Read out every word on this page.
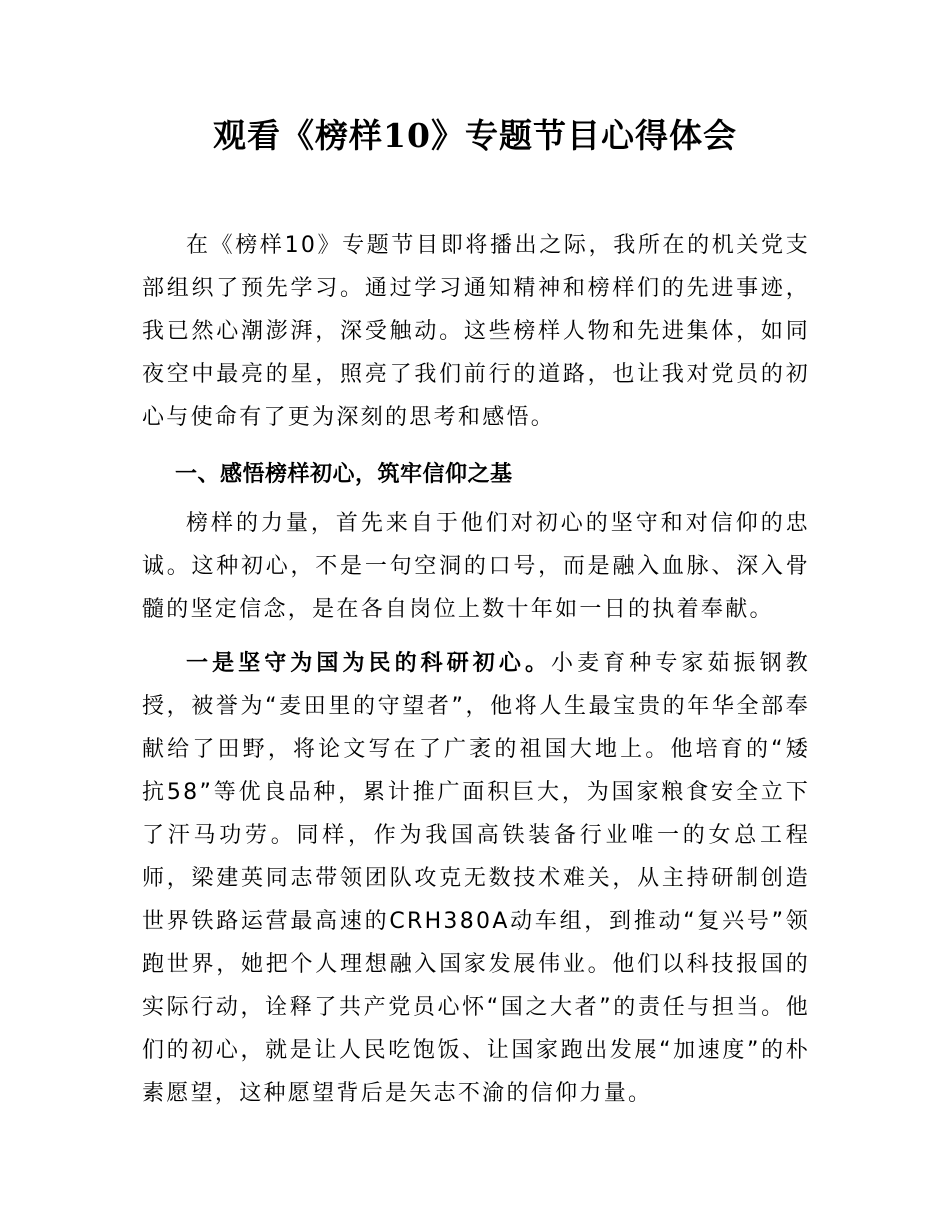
观看《榜样10》专题节目心得体会

在《榜样10》专题节目即将播出之际，我所在的机关党支部组织了预先学习。通过学习通知精神和榜样们的先进事迹，我已然心潮澎湃，深受触动。这些榜样人物和先进集体，如同夜空中最亮的星，照亮了我们前行的道路，也让我对党员的初心与使命有了更为深刻的思考和感悟。

一、感悟榜样初心，筑牢信仰之基

榜样的力量，首先来自于他们对初心的坚守和对信仰的忠诚。这种初心，不是一句空洞的口号，而是融入血脉、深入骨髓的坚定信念，是在各自岗位上数十年如一日的执着奉献。

一是坚守为国为民的科研初心。小麦育种专家茹振钢教授，被誉为“麦田里的守望者”，他将人生最宝贵的年华全部奉献给了田野，将论文写在了广袤的祖国大地上。他培育的“矮抗58”等优良品种，累计推广面积巨大，为国家粮食安全立下了汗马功劳。同样，作为我国高铁装备行业唯一的女总工程师，梁建英同志带领团队攻克无数技术难关，从主持研制创造世界铁路运营最高速的CRH380A动车组，到推动“复兴号”领跑世界，她把个人理想融入国家发展伟业。他们以科技报国的实际行动，诠释了共产党员心怀“国之大者”的责任与担当。他们的初心，就是让人民吃饱饭、让国家跑出发展“加速度”的朴素愿望，这种愿望背后是矢志不渝的信仰力量。
